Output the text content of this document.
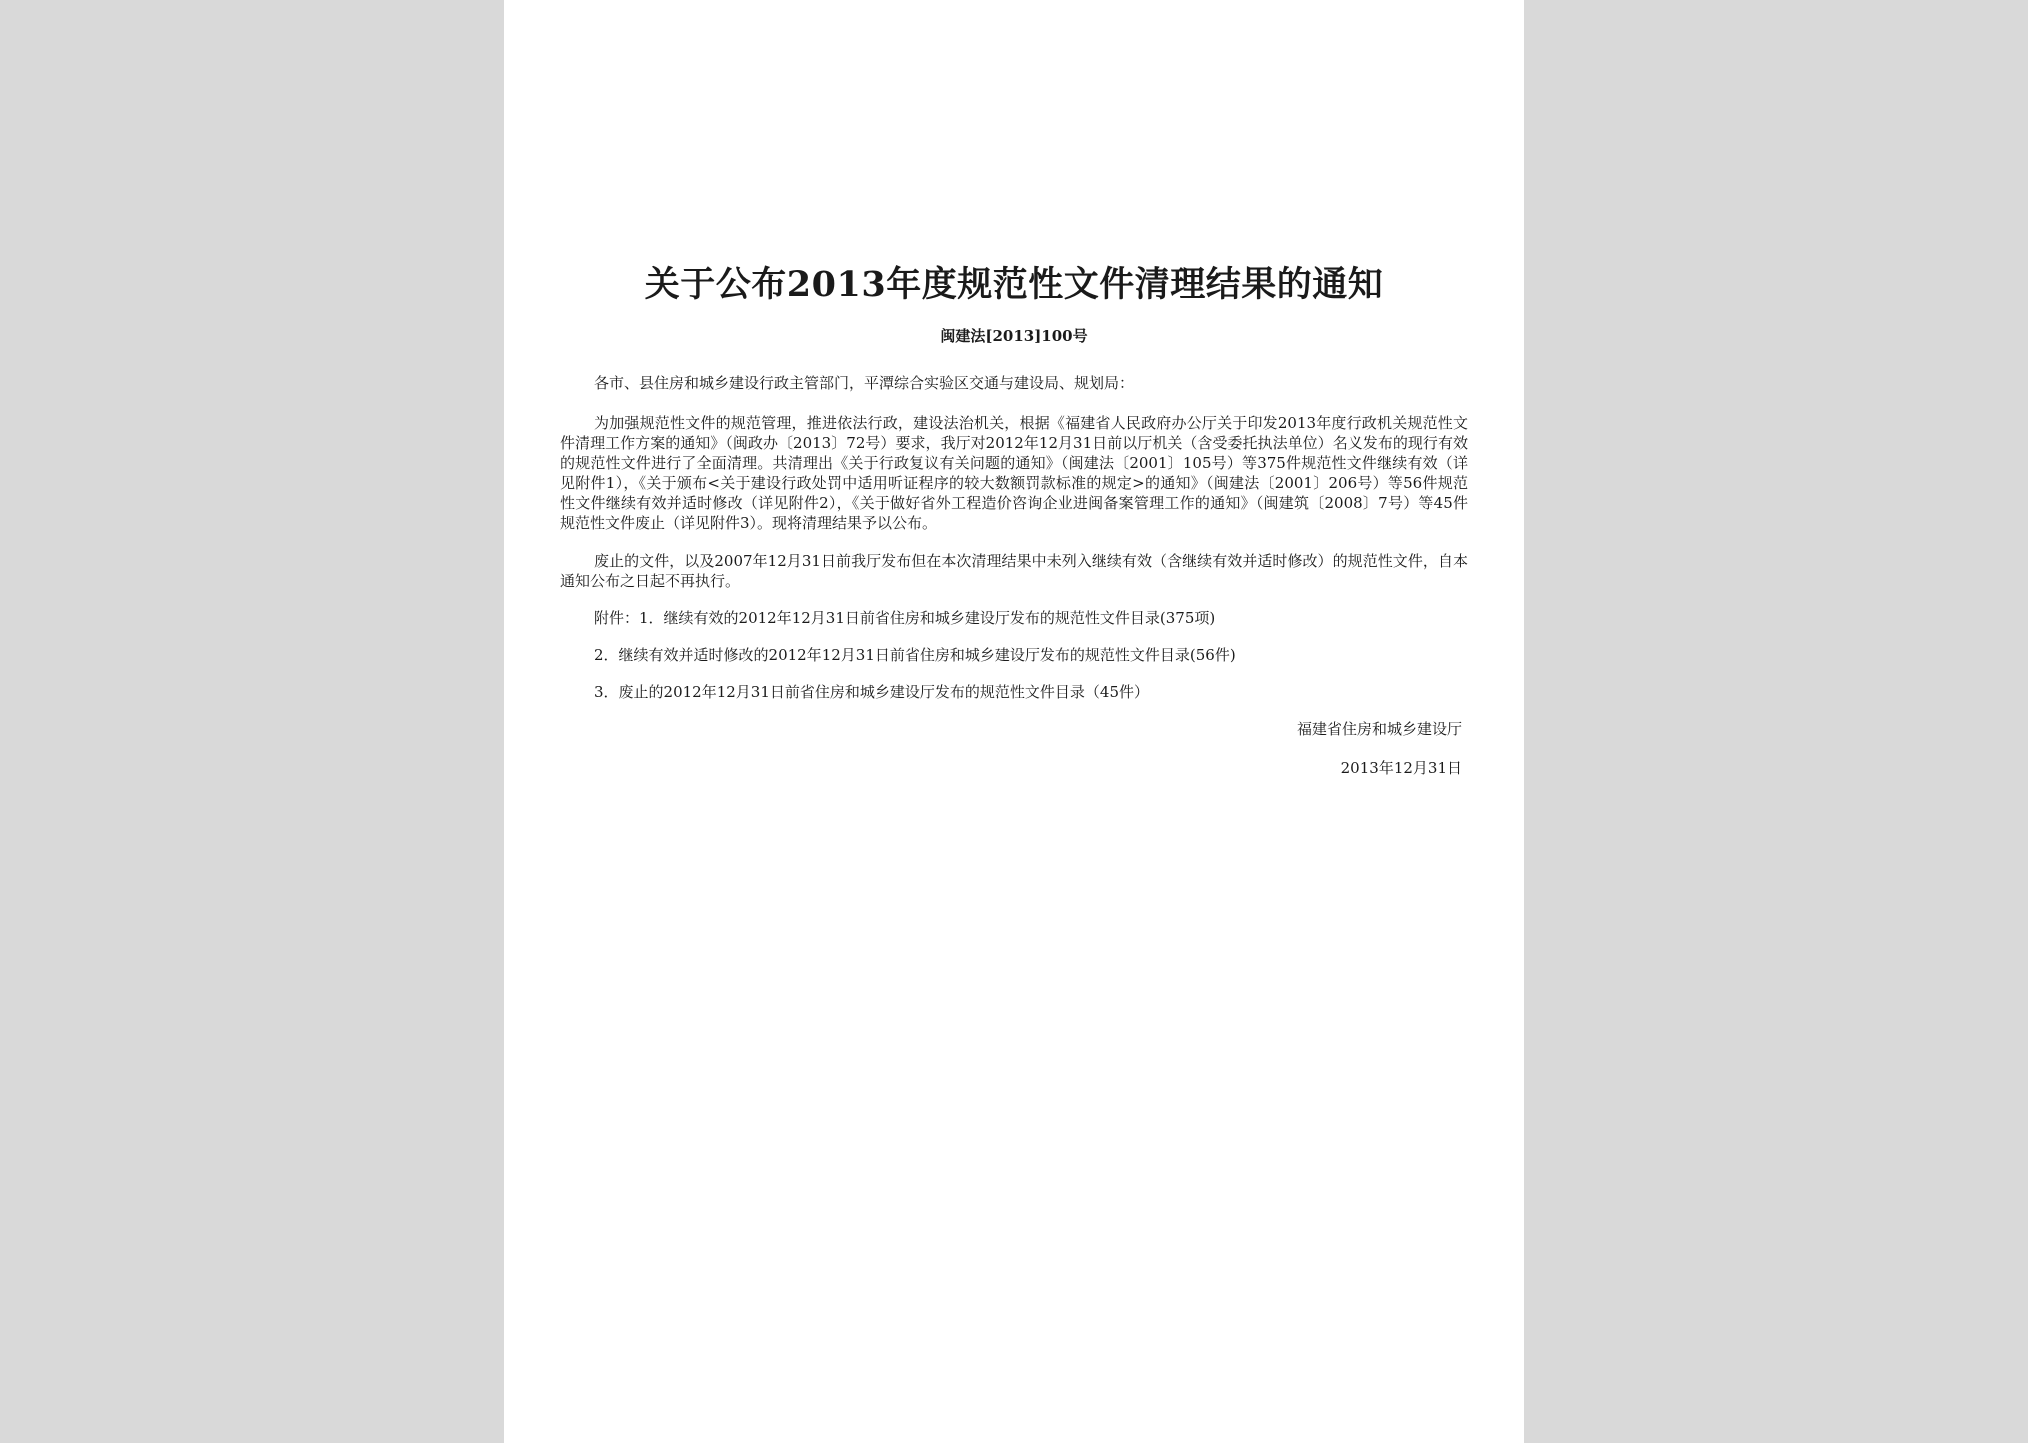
关于公布2013年度规范性文件清理结果的通知
闽建法[2013]100号

各市、县住房和城乡建设行政主管部门，平潭综合实验区交通与建设局、规划局：

为加强规范性文件的规范管理，推进依法行政，建设法治机关，根据《福建省人民政府办公厅关于印发2013年度行政机关规范性文件清理工作方案的通知》（闽政办〔2013〕72号）要求，我厅对2012年12月31日前以厅机关（含受委托执法单位）名义发布的现行有效的规范性文件进行了全面清理。共清理出《关于行政复议有关问题的通知》（闽建法〔2001〕105号）等375件规范性文件继续有效（详见附件1），《关于颁布<关于建设行政处罚中适用听证程序的较大数额罚款标准的规定>的通知》（闽建法〔2001〕206号）等56件规范性文件继续有效并适时修改（详见附件2），《关于做好省外工程造价咨询企业进闽备案管理工作的通知》（闽建筑〔2008〕7号）等45件规范性文件废止（详见附件3）。现将清理结果予以公布。

废止的文件，以及2007年12月31日前我厅发布但在本次清理结果中未列入继续有效（含继续有效并适时修改）的规范性文件，自本通知公布之日起不再执行。

附件：1．继续有效的2012年12月31日前省住房和城乡建设厅发布的规范性文件目录(375项)

2．继续有效并适时修改的2012年12月31日前省住房和城乡建设厅发布的规范性文件目录(56件)

3．废止的2012年12月31日前省住房和城乡建设厅发布的规范性文件目录（45件）

福建省住房和城乡建设厅
2013年12月31日
